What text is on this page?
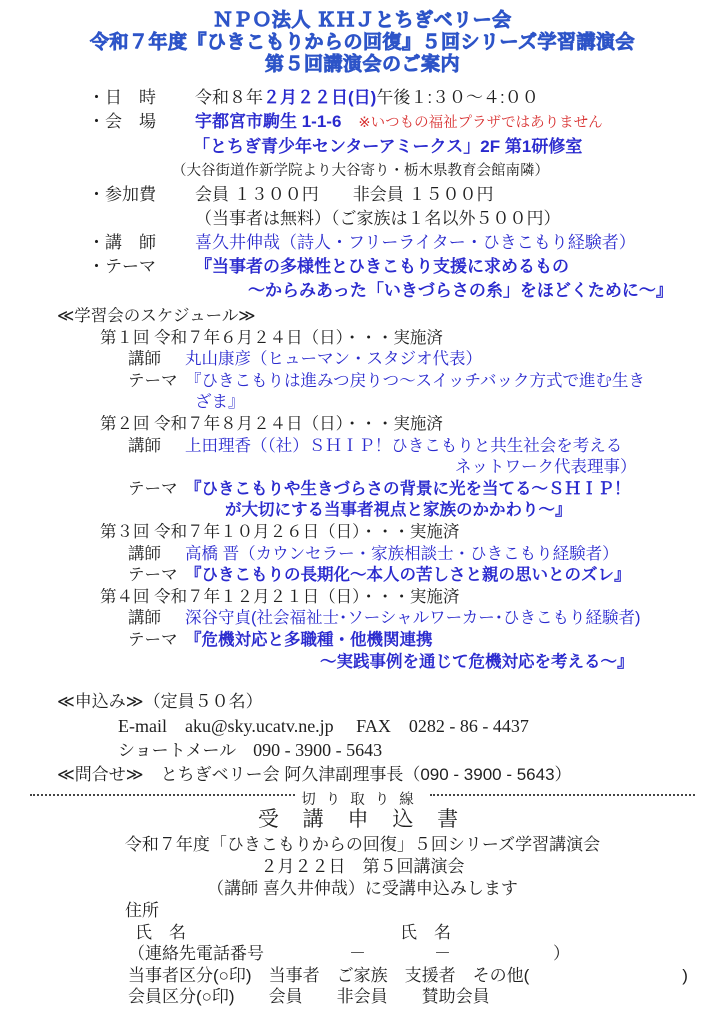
ＮＰＯ法人 ＫＨＪとちぎベリー会
令和７年度『ひきこもりからの回復』５回シリーズ学習講演会
第５回講演会のご案内
・日　時 令和８年２月２２日(日)午後１:３０～４:００
・会　場 宇都宮市駒生 1-1-6　 ※いつもの福祉プラザではありません
「とちぎ青少年センターアミークス」2F 第1研修室
（大谷街道作新学院より大谷寄り・栃木県教育会館南隣）
・参加費 会員 １３００円　　非会員 １５００円
（当事者は無料）（ご家族は１名以外５００円）
・講　師 喜久井伸哉（詩人・フリーライター・ひきこもり経験者）
・テーマ 『当事者の多様性とひきこもり支援に求めるもの
～からみあった「いきづらさの糸」をほどくために～』
≪学習会のスケジュール≫
第１回 令和７年６月２４日（日）・・・実施済
講師 丸山康彦（ヒューマン・スタジオ代表）
テーマ 『ひきこもりは進みつ戻りつ～スイッチバック方式で進む生き
ざま』
第２回 令和７年８月２４日（日）・・・実施済
講師 上田理香（（社）ＳＨＩＰ！ひきこもりと共生社会を考える
ネットワーク代表理事）
テーマ 『ひきこもりや生きづらさの背景に光を当てる～ＳＨＩＰ！
が大切にする当事者視点と家族のかかわり～』
第３回 令和７年１０月２６日（日）・・・実施済
講師 高橋 晋（カウンセラー・家族相談士・ひきこもり経験者）
テーマ 『ひきこもりの長期化～本人の苦しさと親の思いとのズレ』
第４回 令和７年１２月２１日（日）・・・実施済
講師 深谷守貞(社会福祉士･ソーシャルワーカー･ひきこもり経験者)
テーマ 『危機対応と多職種・他機関連携
～実践事例を通じて危機対応を考える～』
≪申込み≫（定員５０名）
E‐mail　aku@sky.ucatv.ne.jp　 FAX　0282 - 86 - 4437
ショートメール　 090 - 3900 - 5643
≪問合せ≫　とちぎベリー会 阿久津副理事長（090 - 3900 - 5643）
切り取り線
受 講 申 込 書
令和７年度「ひきこもりからの回復」５回シリーズ学習講演会
２月２２日　第５回講演会
（講師 喜久井伸哉）に受講申込みします
住所
氏　名	氏　名
（連絡先電話番号　　　　　－　　　　－　　　　　　）
当事者区分(○印)　当事者　ご家族　支援者　その他(　　　　　　　　　)
会員区分(○印)　　会員　　非会員　　賛助会員
